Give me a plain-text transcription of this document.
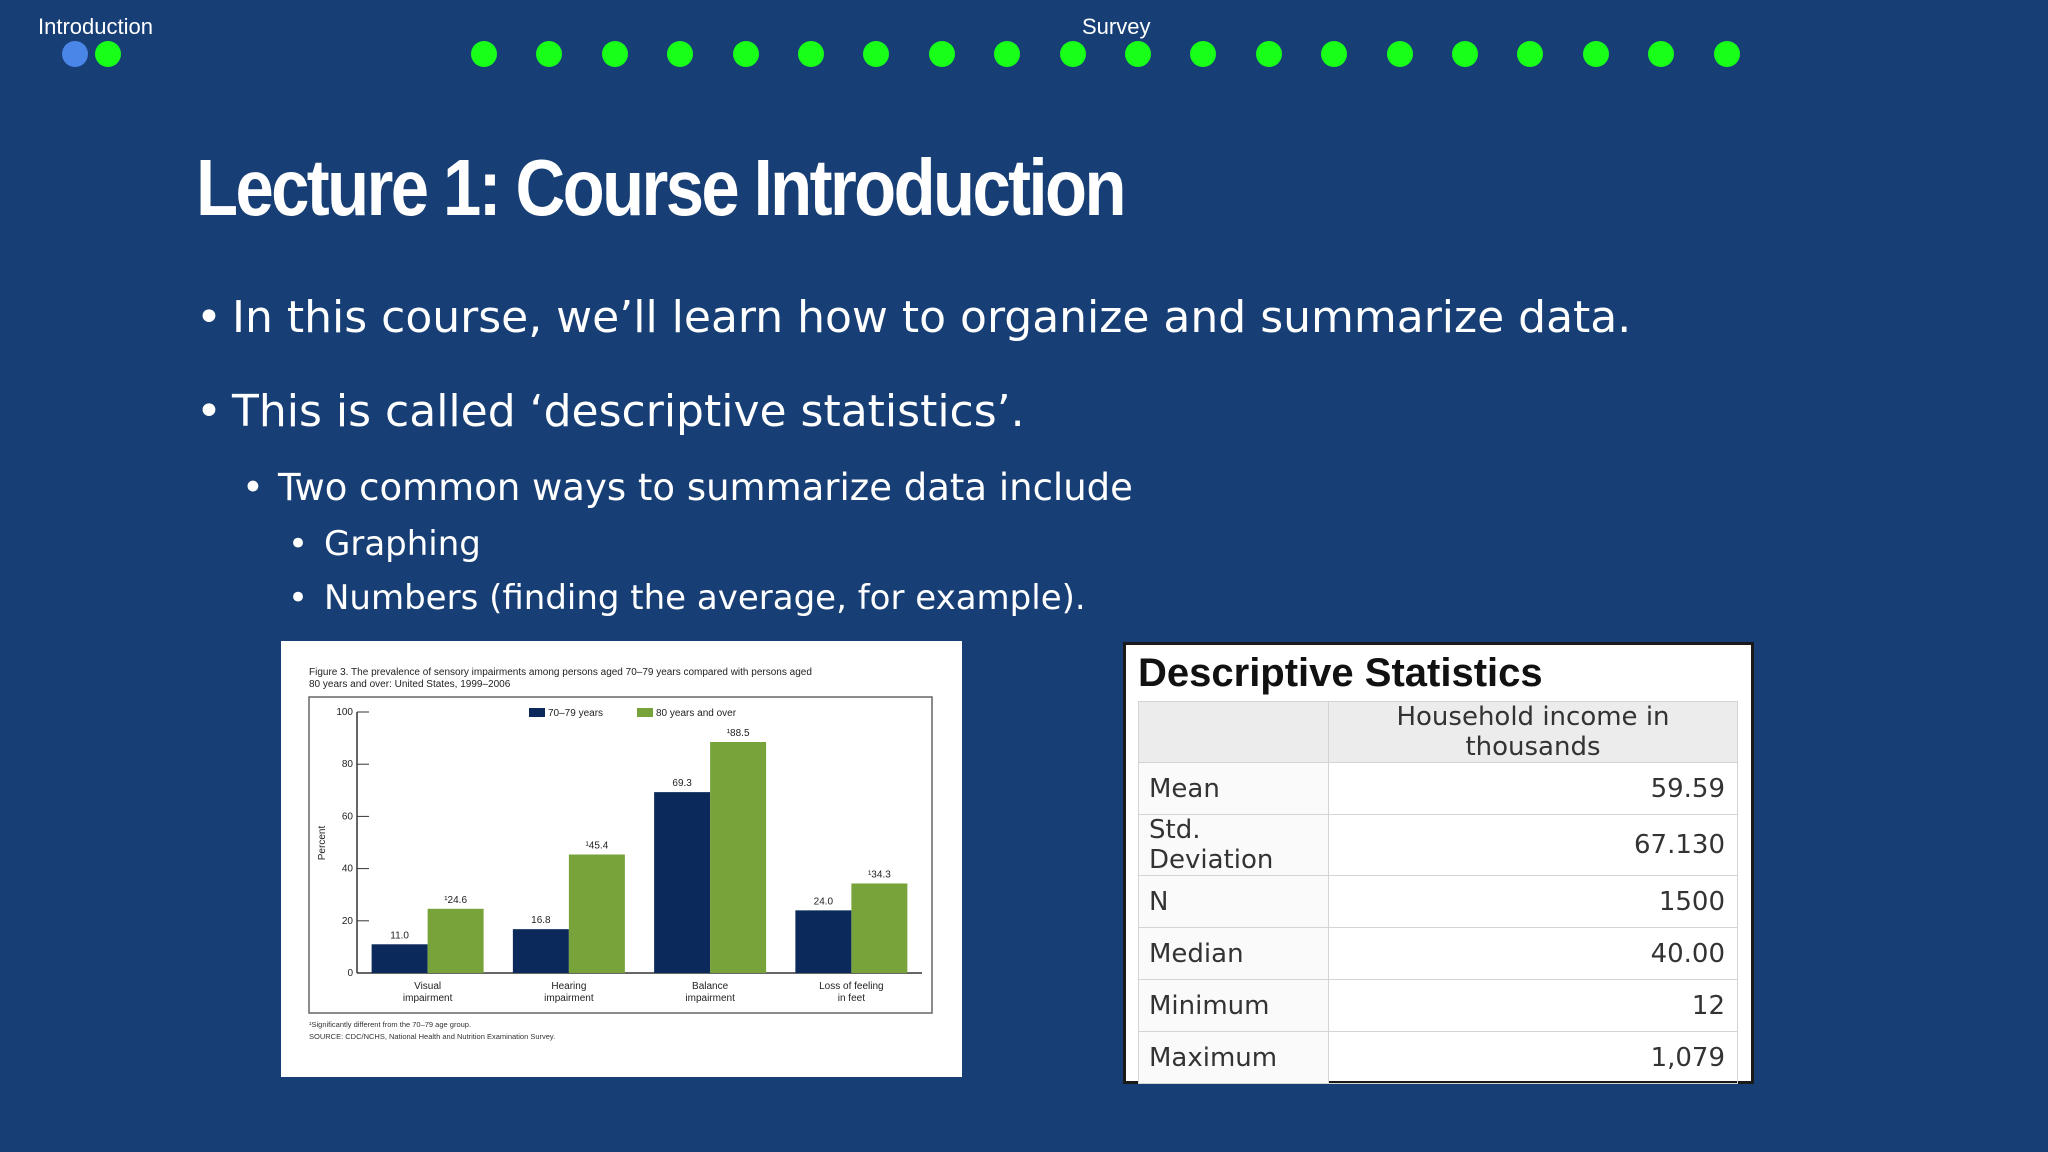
Introduction	Survey
Lecture 1: Course Introduction
• In this course, we’ll learn how to organize and summarize data.
• This is called ‘descriptive statistics’.
• Two common ways to summarize data include
• Graphing
• Numbers (finding the average, for example).
Figure 3. The prevalence of sensory impairments among persons aged 70–79 years compared with persons aged
80 years and over: United States, 1999–2006
0
20
40
60
80
100
Percent
70–79 years	80 years and over
11.0
¹24.6
Visual
impairment
16.8
¹45.4
Hearing
impairment
69.3
¹88.5
Balance
impairment
24.0
¹34.3
Loss of feeling
in feet
¹Significantly different from the 70–79 age group.
SOURCE: CDC/NCHS, National Health and Nutrition Examination Survey.
Descriptive Statistics
	Household income in thousands
Mean	59.59
Std. Deviation	67.130
N	1500
Median	40.00
Minimum	12
Maximum	1,079
